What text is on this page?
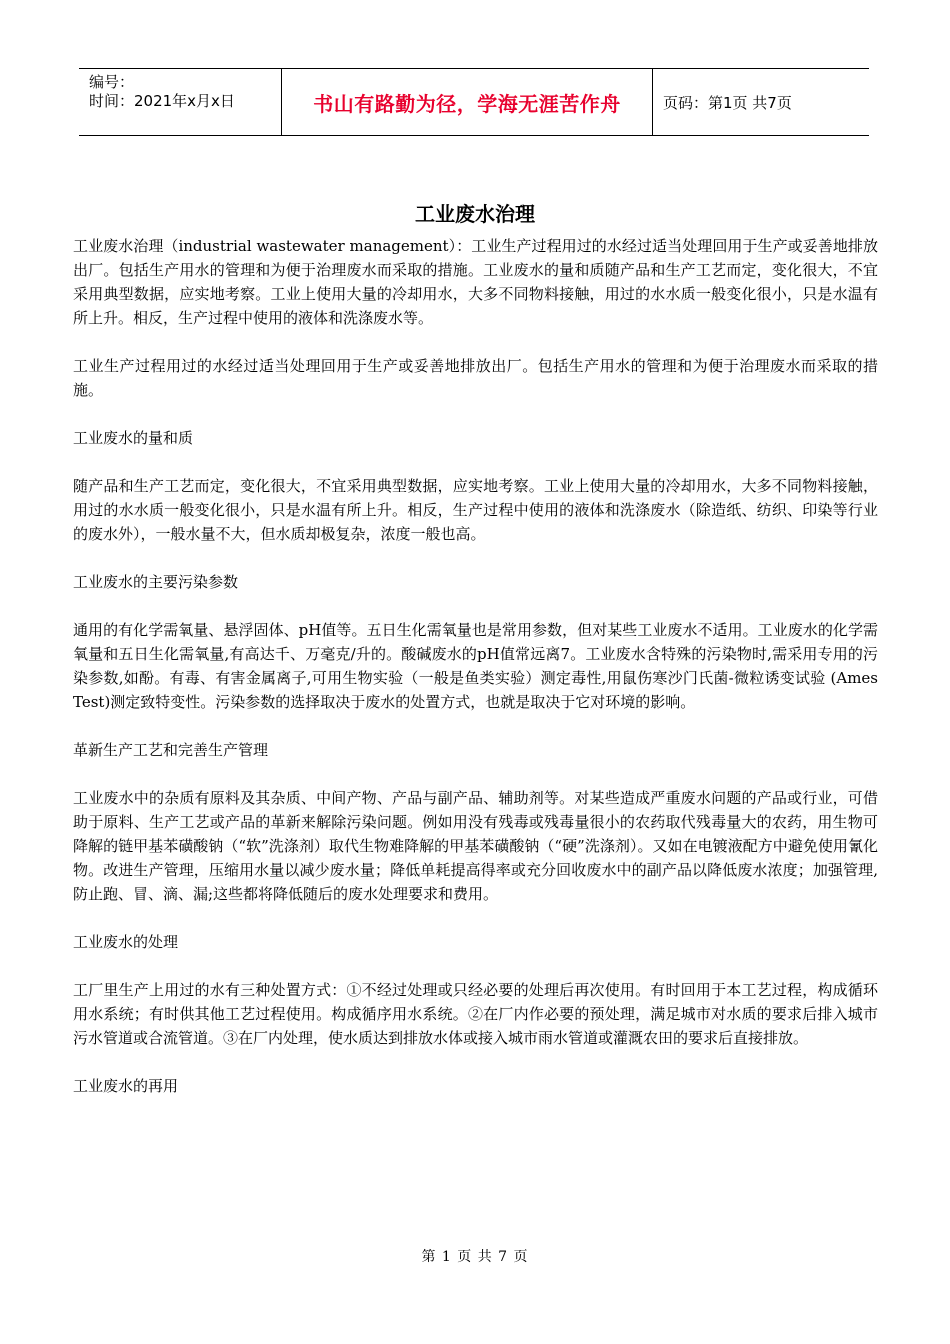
编号：
时间：2021年x月x日	书山有路勤为径，学海无涯苦作舟	页码：第1页 共7页
工业废水治理

工业废水治理（industrial wastewater management）：工业生产过程用过的水经过适当处理回用于生产或妥善地排放出厂。包括生产用水的管理和为便于治理废水而采取的措施。工业废水的量和质随产品和生产工艺而定，变化很大，不宜采用典型数据，应实地考察。工业上使用大量的冷却用水，大多不同物料接触，用过的水水质一般变化很小，只是水温有所上升。相反，生产过程中使用的液体和洗涤废水等。

工业生产过程用过的水经过适当处理回用于生产或妥善地排放出厂。包括生产用水的管理和为便于治理废水而采取的措施。

工业废水的量和质

随产品和生产工艺而定，变化很大，不宜采用典型数据，应实地考察。工业上使用大量的冷却用水，大多不同物料接触，用过的水水质一般变化很小，只是水温有所上升。相反，生产过程中使用的液体和洗涤废水（除造纸、纺织、印染等行业的废水外），一般水量不大，但水质却极复杂，浓度一般也高。

工业废水的主要污染参数

通用的有化学需氧量、悬浮固体、pH值等。五日生化需氧量也是常用参数，但对某些工业废水不适用。工业废水的化学需氧量和五日生化需氧量,有高达千、万毫克/升的。酸碱废水的pH值常远离7。工业废水含特殊的污染物时,需采用专用的污染参数,如酚。有毒、有害金属离子,可用生物实验（一般是鱼类实验）测定毒性,用鼠伤寒沙门氏菌-微粒诱变试验 (Ames Test)测定致特变性。污染参数的选择取决于废水的处置方式，也就是取决于它对环境的影响。

革新生产工艺和完善生产管理

工业废水中的杂质有原料及其杂质、中间产物、产品与副产品、辅助剂等。对某些造成严重废水问题的产品或行业，可借助于原料、生产工艺或产品的革新来解除污染问题。例如用没有残毒或残毒量很小的农药取代残毒量大的农药，用生物可降解的链甲基苯磺酸钠（“软”洗涤剂）取代生物难降解的甲基苯磺酸钠（“硬”洗涤剂）。又如在电镀液配方中避免使用氰化物。改进生产管理，压缩用水量以减少废水量；降低单耗提高得率或充分回收废水中的副产品以降低废水浓度；加强管理,防止跑、冒、滴、漏;这些都将降低随后的废水处理要求和费用。

工业废水的处理

工厂里生产上用过的水有三种处置方式：①不经过处理或只经必要的处理后再次使用。有时回用于本工艺过程，构成循环用水系统；有时供其他工艺过程使用。构成循序用水系统。②在厂内作必要的预处理，满足城市对水质的要求后排入城市污水管道或合流管道。③在厂内处理，使水质达到排放水体或接入城市雨水管道或灌溉农田的要求后直接排放。

工业废水的再用

第 1 页 共 7 页
